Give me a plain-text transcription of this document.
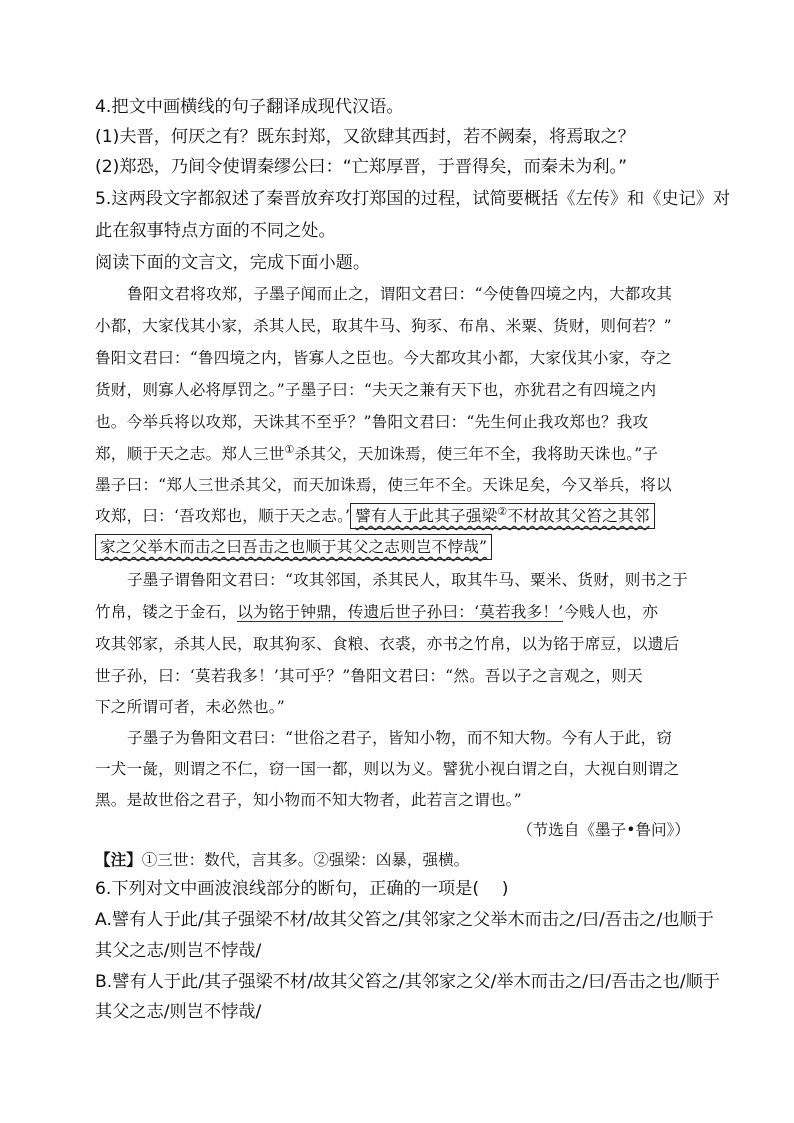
4.把文中画横线的句子翻译成现代汉语。
(1)夫晋，何厌之有？既东封郑，又欲肆其西封，若不阙秦，将焉取之？
(2)郑恐，乃间令使谓秦缪公曰：“亡郑厚晋，于晋得矣，而秦未为利。”
5.这两段文字都叙述了秦晋放弃攻打郑国的过程，试简要概括《左传》和《史记》对
此在叙事特点方面的不同之处。
阅读下面的文言文，完成下面小题。
鲁阳文君将攻郑，子墨子闻而止之，谓阳文君曰：“今使鲁四境之内，大都攻其
小都，大家伐其小家，杀其人民，取其牛马、狗豕、布帛、米粟、货财，则何若？”
鲁阳文君曰：“鲁四境之内，皆寡人之臣也。今大都攻其小都，大家伐其小家，夺之
货财，则寡人必将厚罚之。”子墨子曰：“夫天之兼有天下也，亦犹君之有四境之内
也。今举兵将以攻郑，天诛其不至乎？”鲁阳文君曰：“先生何止我攻郑也？我攻
郑，顺于天之志。郑人三世①杀其父，天加诛焉，使三年不全，我将助天诛也。”子
墨子曰：“郑人三世杀其父，而天加诛焉，使三年不全。天诛足矣，今又举兵，将以
攻郑，曰：‘吾攻郑也，顺于天之志。’ 譬有人于此其子强梁②不材故其父笞之其邻
家之父举木而击之曰吾击之也顺于其父之志则岂不悖哉”
子墨子谓鲁阳文君曰：“攻其邻国，杀其民人，取其牛马、粟米、货财，则书之于
竹帛，镂之于金石，以为铭于钟鼎，传遗后世子孙曰：‘莫若我多！’今贱人也，亦
攻其邻家，杀其人民，取其狗豕、食粮、衣裘，亦书之竹帛，以为铭于席豆，以遗后
世子孙，曰：‘莫若我多！’其可乎？”鲁阳文君曰：“然。吾以子之言观之，则天
下之所谓可者，未必然也。”
子墨子为鲁阳文君曰：“世俗之君子，皆知小物，而不知大物。今有人于此，窃
一犬一彘，则谓之不仁，窃一国一都，则以为义。譬犹小视白谓之白，大视白则谓之
黑。是故世俗之君子，知小物而不知大物者，此若言之谓也。”
（节选自《墨子•鲁问》）
【注】①三世：数代，言其多。②强梁：凶暴，强横。
6.下列对文中画波浪线部分的断句，正确的一项是(　 )
A.譬有人于此/其子强梁不材/故其父笞之/其邻家之父举木而击之/曰/吾击之/也顺于
其父之志/则岂不悖哉/
B.譬有人于此/其子强梁不材/故其父笞之/其邻家之父/举木而击之/曰/吾击之也/顺于
其父之志/则岂不悖哉/
